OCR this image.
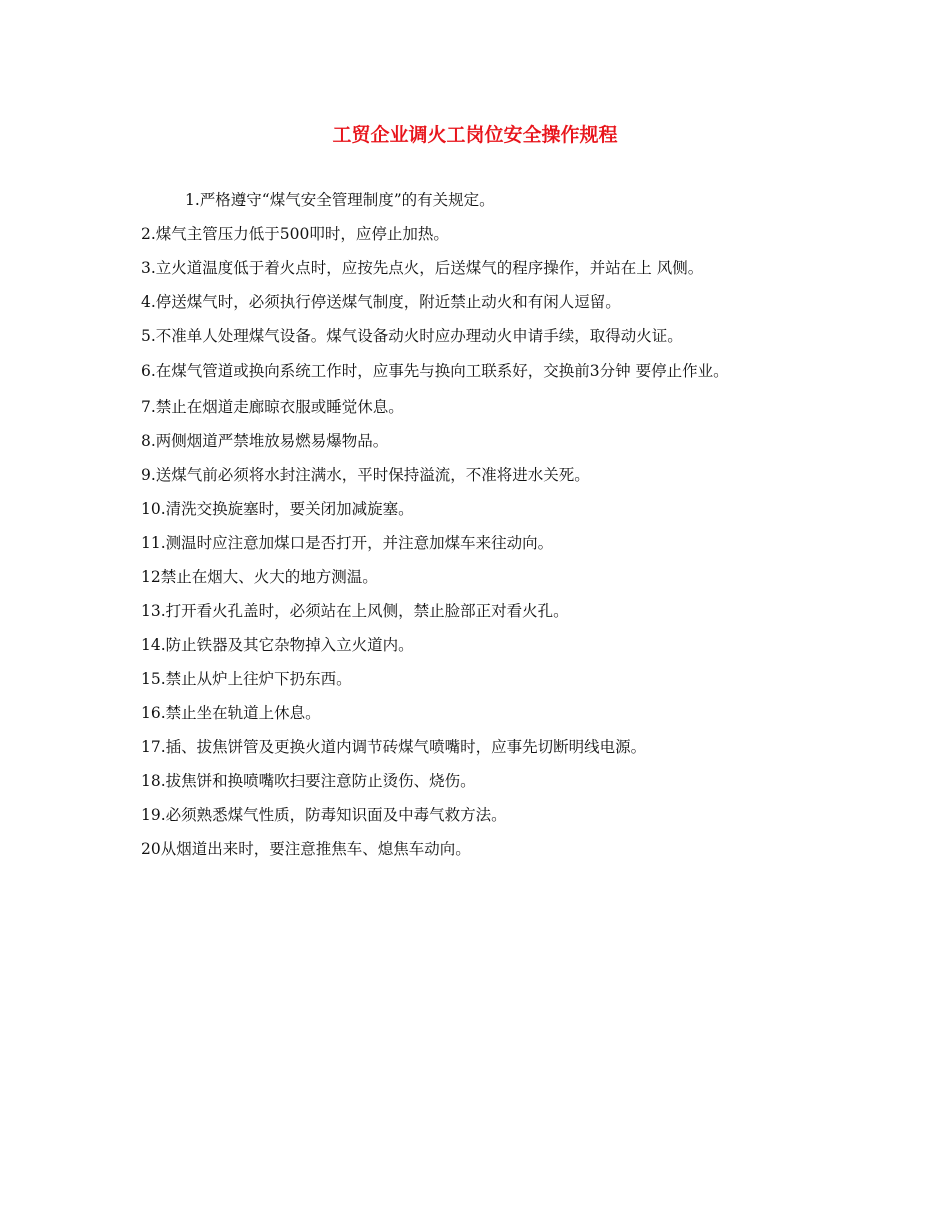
工贸企业调火工岗位安全操作规程
1.严格遵守“煤气安全管理制度”的有关规定。
2.煤气主管压力低于500叩时，应停止加热。
3.立火道温度低于着火点时，应按先点火，后送煤气的程序操作，并站在上 风侧。
4.停送煤气时，必须执行停送煤气制度，附近禁止动火和有闲人逗留。
5.不准单人处理煤气设备。煤气设备动火时应办理动火申请手续，取得动火证。
6.在煤气管道或换向系统工作时，应事先与换向工联系好，交换前3分钟 要停止作业。
7.禁止在烟道走廊晾衣服或睡觉休息。
8.两侧烟道严禁堆放易燃易爆物品。
9.送煤气前必须将水封注满水，平时保持溢流，不准将进水关死。
10.清洗交换旋塞时，要关闭加减旋塞。
11.测温时应注意加煤口是否打开，并注意加煤车来往动向。
12禁止在烟大、火大的地方测温。
13.打开看火孔盖时，必须站在上风侧，禁止脸部正对看火孔。
14.防止铁器及其它杂物掉入立火道内。
15.禁止从炉上往炉下扔东西。
16.禁止坐在轨道上休息。
17.插、拔焦饼管及更换火道内调节砖煤气喷嘴时，应事先切断明线电源。
18.拔焦饼和换喷嘴吹扫要注意防止烫伤、烧伤。
19.必须熟悉煤气性质，防毒知识面及中毒气救方法。
20从烟道出来时，要注意推焦车、熄焦车动向。
